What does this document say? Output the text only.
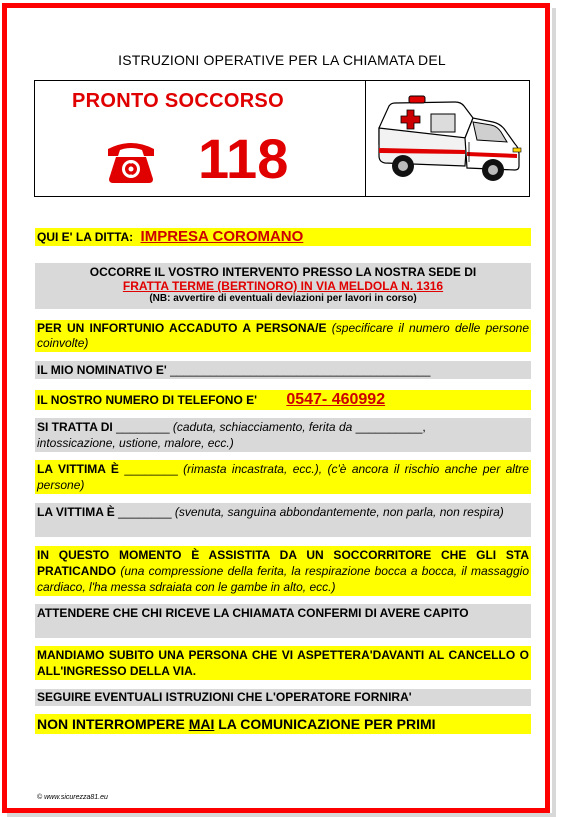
ISTRUZIONI OPERATIVE PER LA CHIAMATA DEL
PRONTO SOCCORSO
118
QUI E' LA DITTA: IMPRESA COROMANO
OCCORRE IL VOSTRO INTERVENTO PRESSO LA NOSTRA SEDE DI
FRATTA TERME (BERTINORO) IN VIA MELDOLA N. 1316
(NB: avvertire di eventuali deviazioni per lavori in corso)
PER UN INFORTUNIO ACCADUTO A PERSONA/E (specificare il numero delle persone coinvolte)
IL MIO NOMINATIVO E' _______________________________________
IL NOSTRO NUMERO DI TELEFONO E' 0547- 460992
SI TRATTA DI ________ (caduta, schiacciamento, ferita da __________,
intossicazione, ustione, malore, ecc.)
LA VITTIMA È ________ (rimasta incastrata, ecc.), (c'è ancora il rischio anche per altre persone)
LA VITTIMA È ________ (svenuta, sanguina abbondantemente, non parla, non respira)
IN QUESTO MOMENTO È ASSISTITA DA UN SOCCORRITORE CHE GLI STA PRATICANDO (una compressione della ferita, la respirazione bocca a bocca, il massaggio cardiaco, l'ha messa sdraiata con le gambe in alto, ecc.)
ATTENDERE CHE CHI RICEVE LA CHIAMATA CONFERMI DI AVERE CAPITO
MANDIAMO SUBITO UNA PERSONA CHE VI ASPETTERA'DAVANTI AL CANCELLO O ALL'INGRESSO DELLA VIA.
SEGUIRE EVENTUALI ISTRUZIONI CHE L'OPERATORE FORNIRA'
NON INTERROMPERE MAI LA COMUNICAZIONE PER PRIMI
© www.sicurezza81.eu
